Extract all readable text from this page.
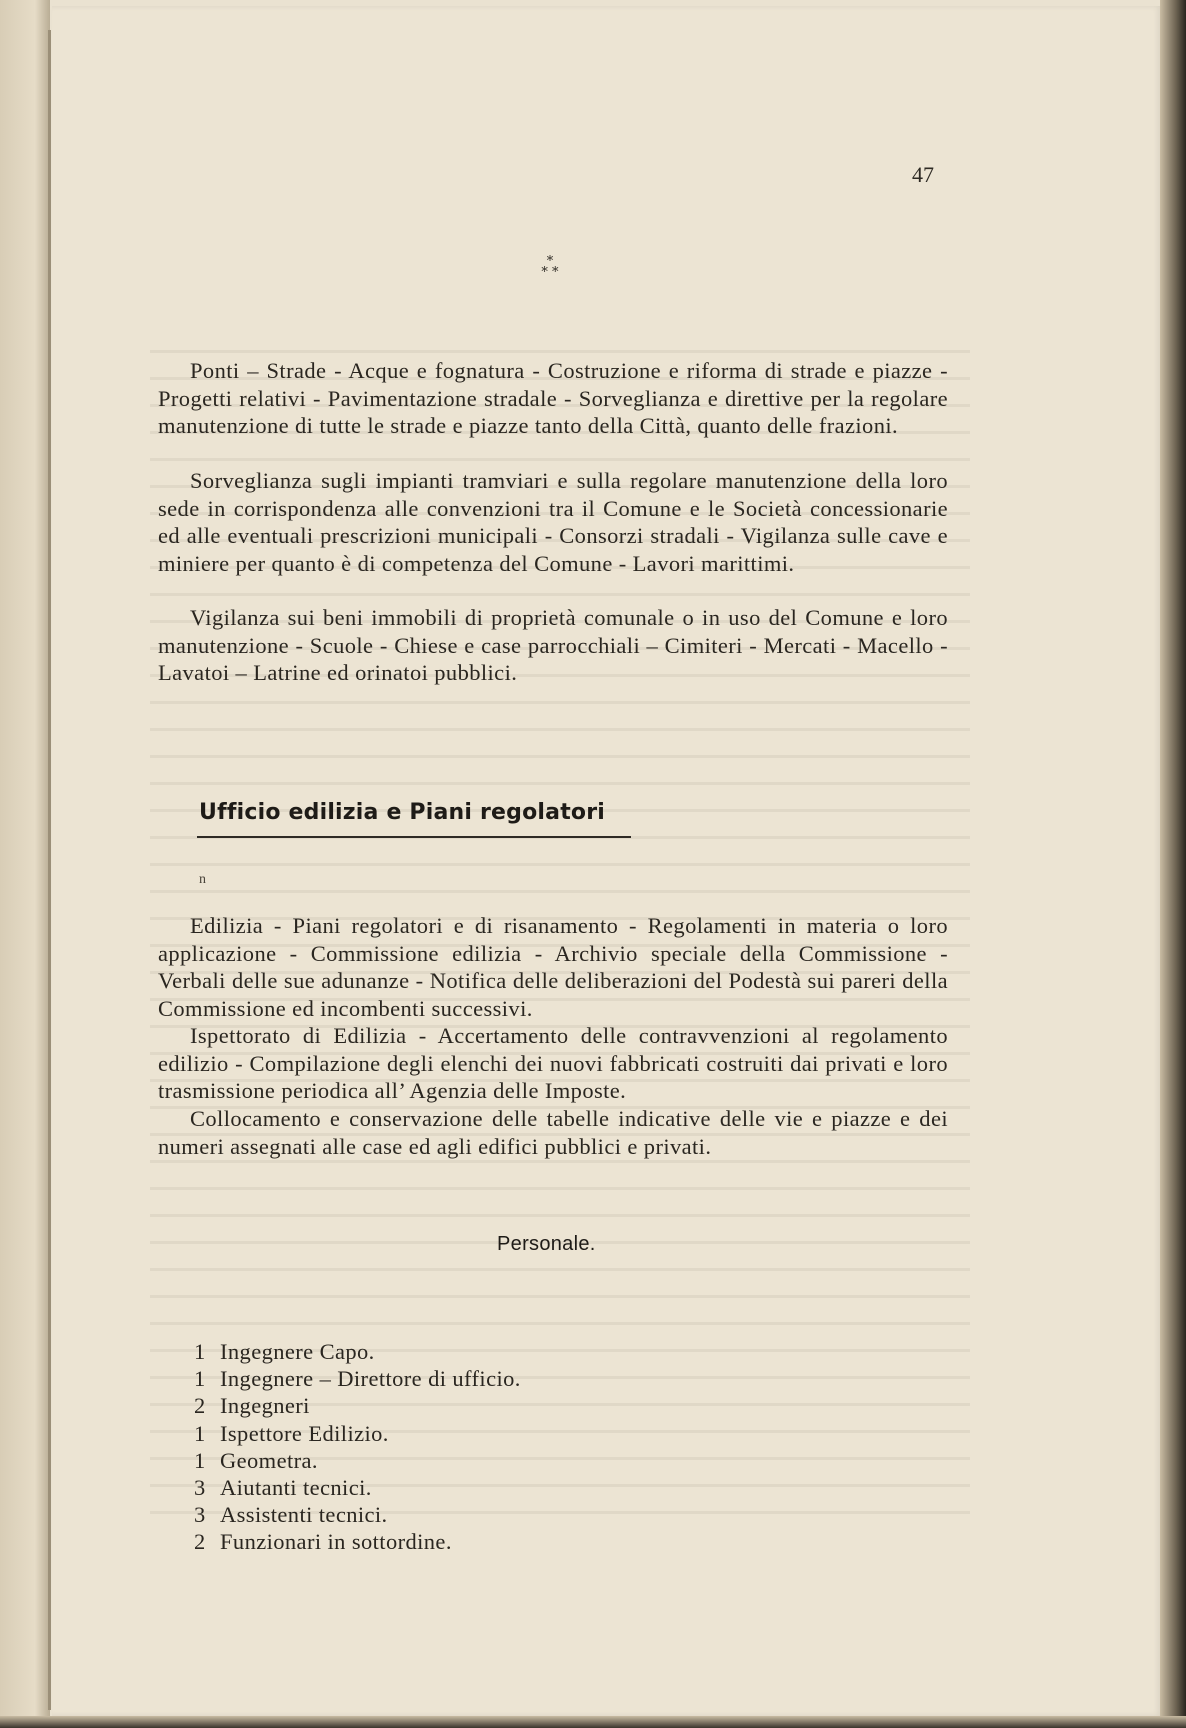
47
*
* *

Ponti – Strade - Acque e fognatura - Costruzione e riforma di strade e piazze - Progetti relativi - Pavimentazione stradale - Sorveglianza e direttive per la regolare manutenzione di tutte le strade e piazze tanto della Città, quanto delle frazioni.

Sorveglianza sugli impianti tramviari e sulla regolare manutenzione della loro sede in corrispondenza alle convenzioni tra il Comune e le Società concessionarie ed alle eventuali prescrizioni municipali - Consorzi stradali - Vigilanza sulle cave e miniere per quanto è di competenza del Comune - Lavori marittimi.

Vigilanza sui beni immobili di proprietà comunale o in uso del Comune e loro manutenzione - Scuole - Chiese e case parrocchiali – Cimiteri - Mercati - Macello - Lavatoi – Latrine ed orinatoi pubblici.

Ufficio edilizia e Piani regolatori
n

Edilizia - Piani regolatori e di risanamento - Regolamenti in materia o loro applicazione - Commissione edilizia - Archivio speciale della Commissione - Verbali delle sue adunanze - Notifica delle deliberazioni del Podestà sui pareri della Commissione ed incombenti successivi.

Ispettorato di Edilizia - Accertamento delle contravvenzioni al regolamento edilizio - Compilazione degli elenchi dei nuovi fabbricati costruiti dai privati e loro trasmissione periodica all’ Agenzia delle Imposte.

Collocamento e conservazione delle tabelle indicative delle vie e piazze e dei numeri assegnati alle case ed agli edifici pubblici e privati.

Personale.
1 Ingegnere Capo.
1 Ingegnere – Direttore di ufficio.
2 Ingegneri
1 Ispettore Edilizio.
1 Geometra.
3 Aiutanti tecnici.
3 Assistenti tecnici.
2 Funzionari in sottordine.
